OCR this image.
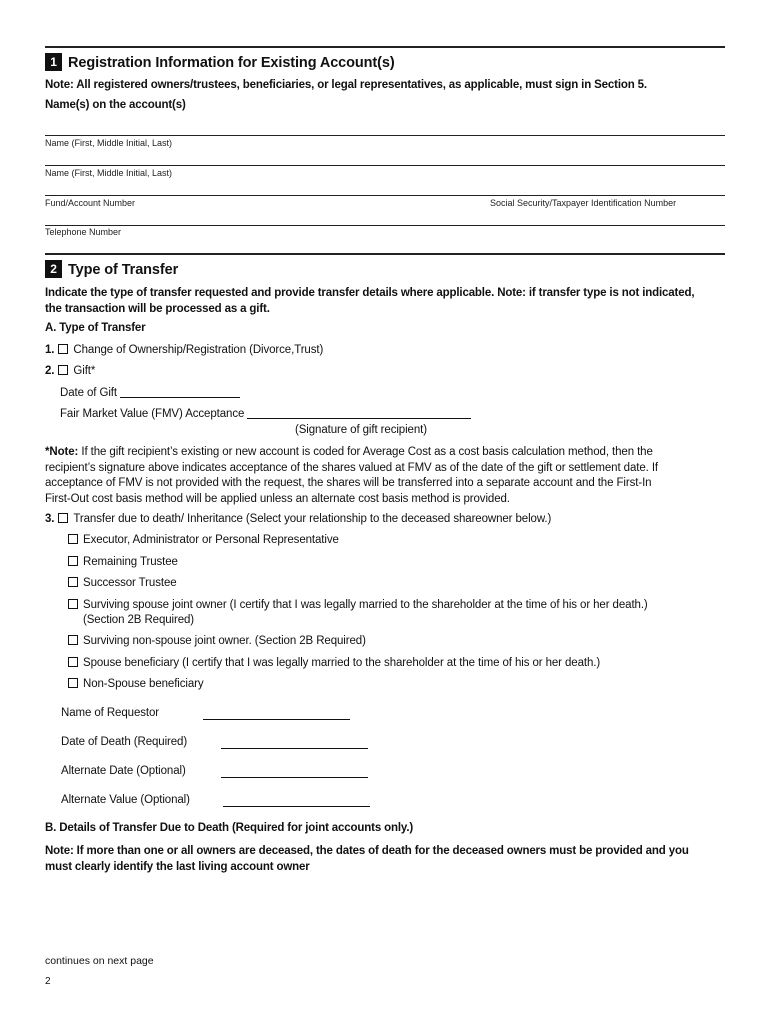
1 Registration Information for Existing Account(s)
Note: All registered owners/trustees, beneficiaries, or legal representatives, as applicable, must sign in Section 5.
Name(s) on the account(s)
Name (First, Middle Initial, Last)
Name (First, Middle Initial, Last)
Fund/Account Number	Social Security/Taxpayer Identification Number
Telephone Number
2 Type of Transfer
Indicate the type of transfer requested and provide transfer details where applicable. Note: if transfer type is not indicated,
the transaction will be processed as a gift.
A. Type of Transfer
1. Change of Ownership/Registration (Divorce,Trust)
2. Gift*
Date of Gift
Fair Market Value (FMV) Acceptance
(Signature of gift recipient)
*Note: If the gift recipient’s existing or new account is coded for Average Cost as a cost basis calculation method, then the
recipient’s signature above indicates acceptance of the shares valued at FMV as of the date of the gift or settlement date. If
acceptance of FMV is not provided with the request, the shares will be transferred into a separate account and the First-In
First-Out cost basis method will be applied unless an alternate cost basis method is provided.
3. Transfer due to death/ Inheritance (Select your relationship to the deceased shareowner below.)
Executor, Administrator or Personal Representative
Remaining Trustee
Successor Trustee
Surviving spouse joint owner (I certify that I was legally married to the shareholder at the time of his or her death.)
(Section 2B Required)
Surviving non-spouse joint owner. (Section 2B Required)
Spouse beneficiary (I certify that I was legally married to the shareholder at the time of his or her death.)
Non-Spouse beneficiary
Name of Requestor
Date of Death (Required)
Alternate Date (Optional)
Alternate Value (Optional)
B. Details of Transfer Due to Death (Required for joint accounts only.)
Note: If more than one or all owners are deceased, the dates of death for the deceased owners must be provided and you
must clearly identify the last living account owner
continues on next page
2
